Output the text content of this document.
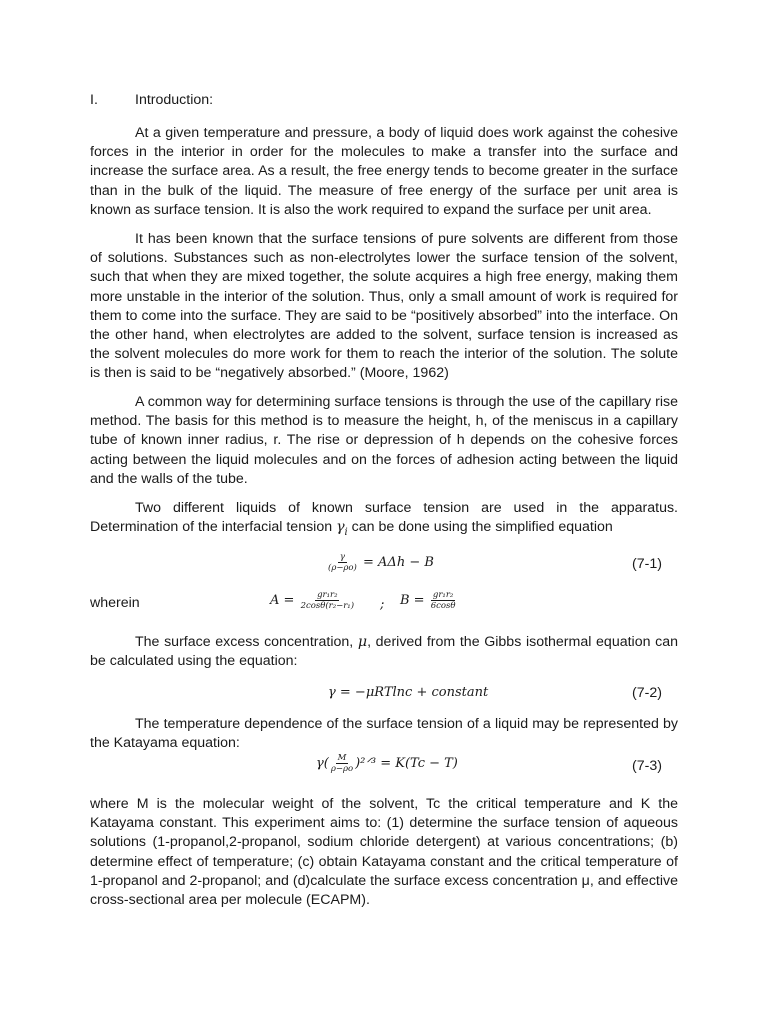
I.	Introduction:

At a given temperature and pressure, a body of liquid does work against the cohesive forces in the interior in order for the molecules to make a transfer into the surface and increase the surface area. As a result, the free energy tends to become greater in the surface than in the bulk of the liquid. The measure of free energy of the surface per unit area is known as surface tension. It is also the work required to expand the surface per unit area.

It has been known that the surface tensions of pure solvents are different from those of solutions. Substances such as non-electrolytes lower the surface tension of the solvent, such that when they are mixed together, the solute acquires a high free energy, making them more unstable in the interior of the solution. Thus, only a small amount of work is required for them to come into the surface. They are said to be “positively absorbed” into the interface. On the other hand, when electrolytes are added to the solvent, surface tension is increased as the solvent molecules do more work for them to reach the interior of the solution. The solute is then is said to be “negatively absorbed.” (Moore, 1962)

A common way for determining surface tensions is through the use of the capillary rise method. The basis for this method is to measure the height, h, of the meniscus in a capillary tube of known inner radius, r. The rise or depression of h depends on the cohesive forces acting between the liquid molecules and on the forces of adhesion acting between the liquid and the walls of the tube.

Two different liquids of known surface tension are used in the apparatus. Determination of the interfacial tension $\gamma_i$ can be done using the simplified equation

$\frac{\gamma}{(\rho-\rho o)} = A\Delta h - B$	(7-1)
wherein	$A = \frac{\text{gr₁r₂}}{\text{2cosθ(r₂−r₁)}}$ ; $B = \frac{\text{gr₁r₂}}{6\cos\theta}$

The surface excess concentration, μ, derived from the Gibbs isothermal equation can be calculated using the equation:

γ = −μRTlnc + constant	(7-2)

The temperature dependence of the surface tension of a liquid may be represented by the Katayama equation:

$\gamma( \frac{M}{\rho-\rho o}$ )²ᐟ³ = K(Tc − T)	(7-3)

where M is the molecular weight of the solvent, Tc the critical temperature and K the Katayama constant. This experiment aims to: (1) determine the surface tension of aqueous solutions (1-propanol,2-propanol, sodium chloride detergent) at various concentrations; (b) determine effect of temperature; (c) obtain Katayama constant and the critical temperature of 1-propanol and 2-propanol; and (d)calculate the surface excess concentration μ, and effective cross-sectional area per molecule (ECAPM).
